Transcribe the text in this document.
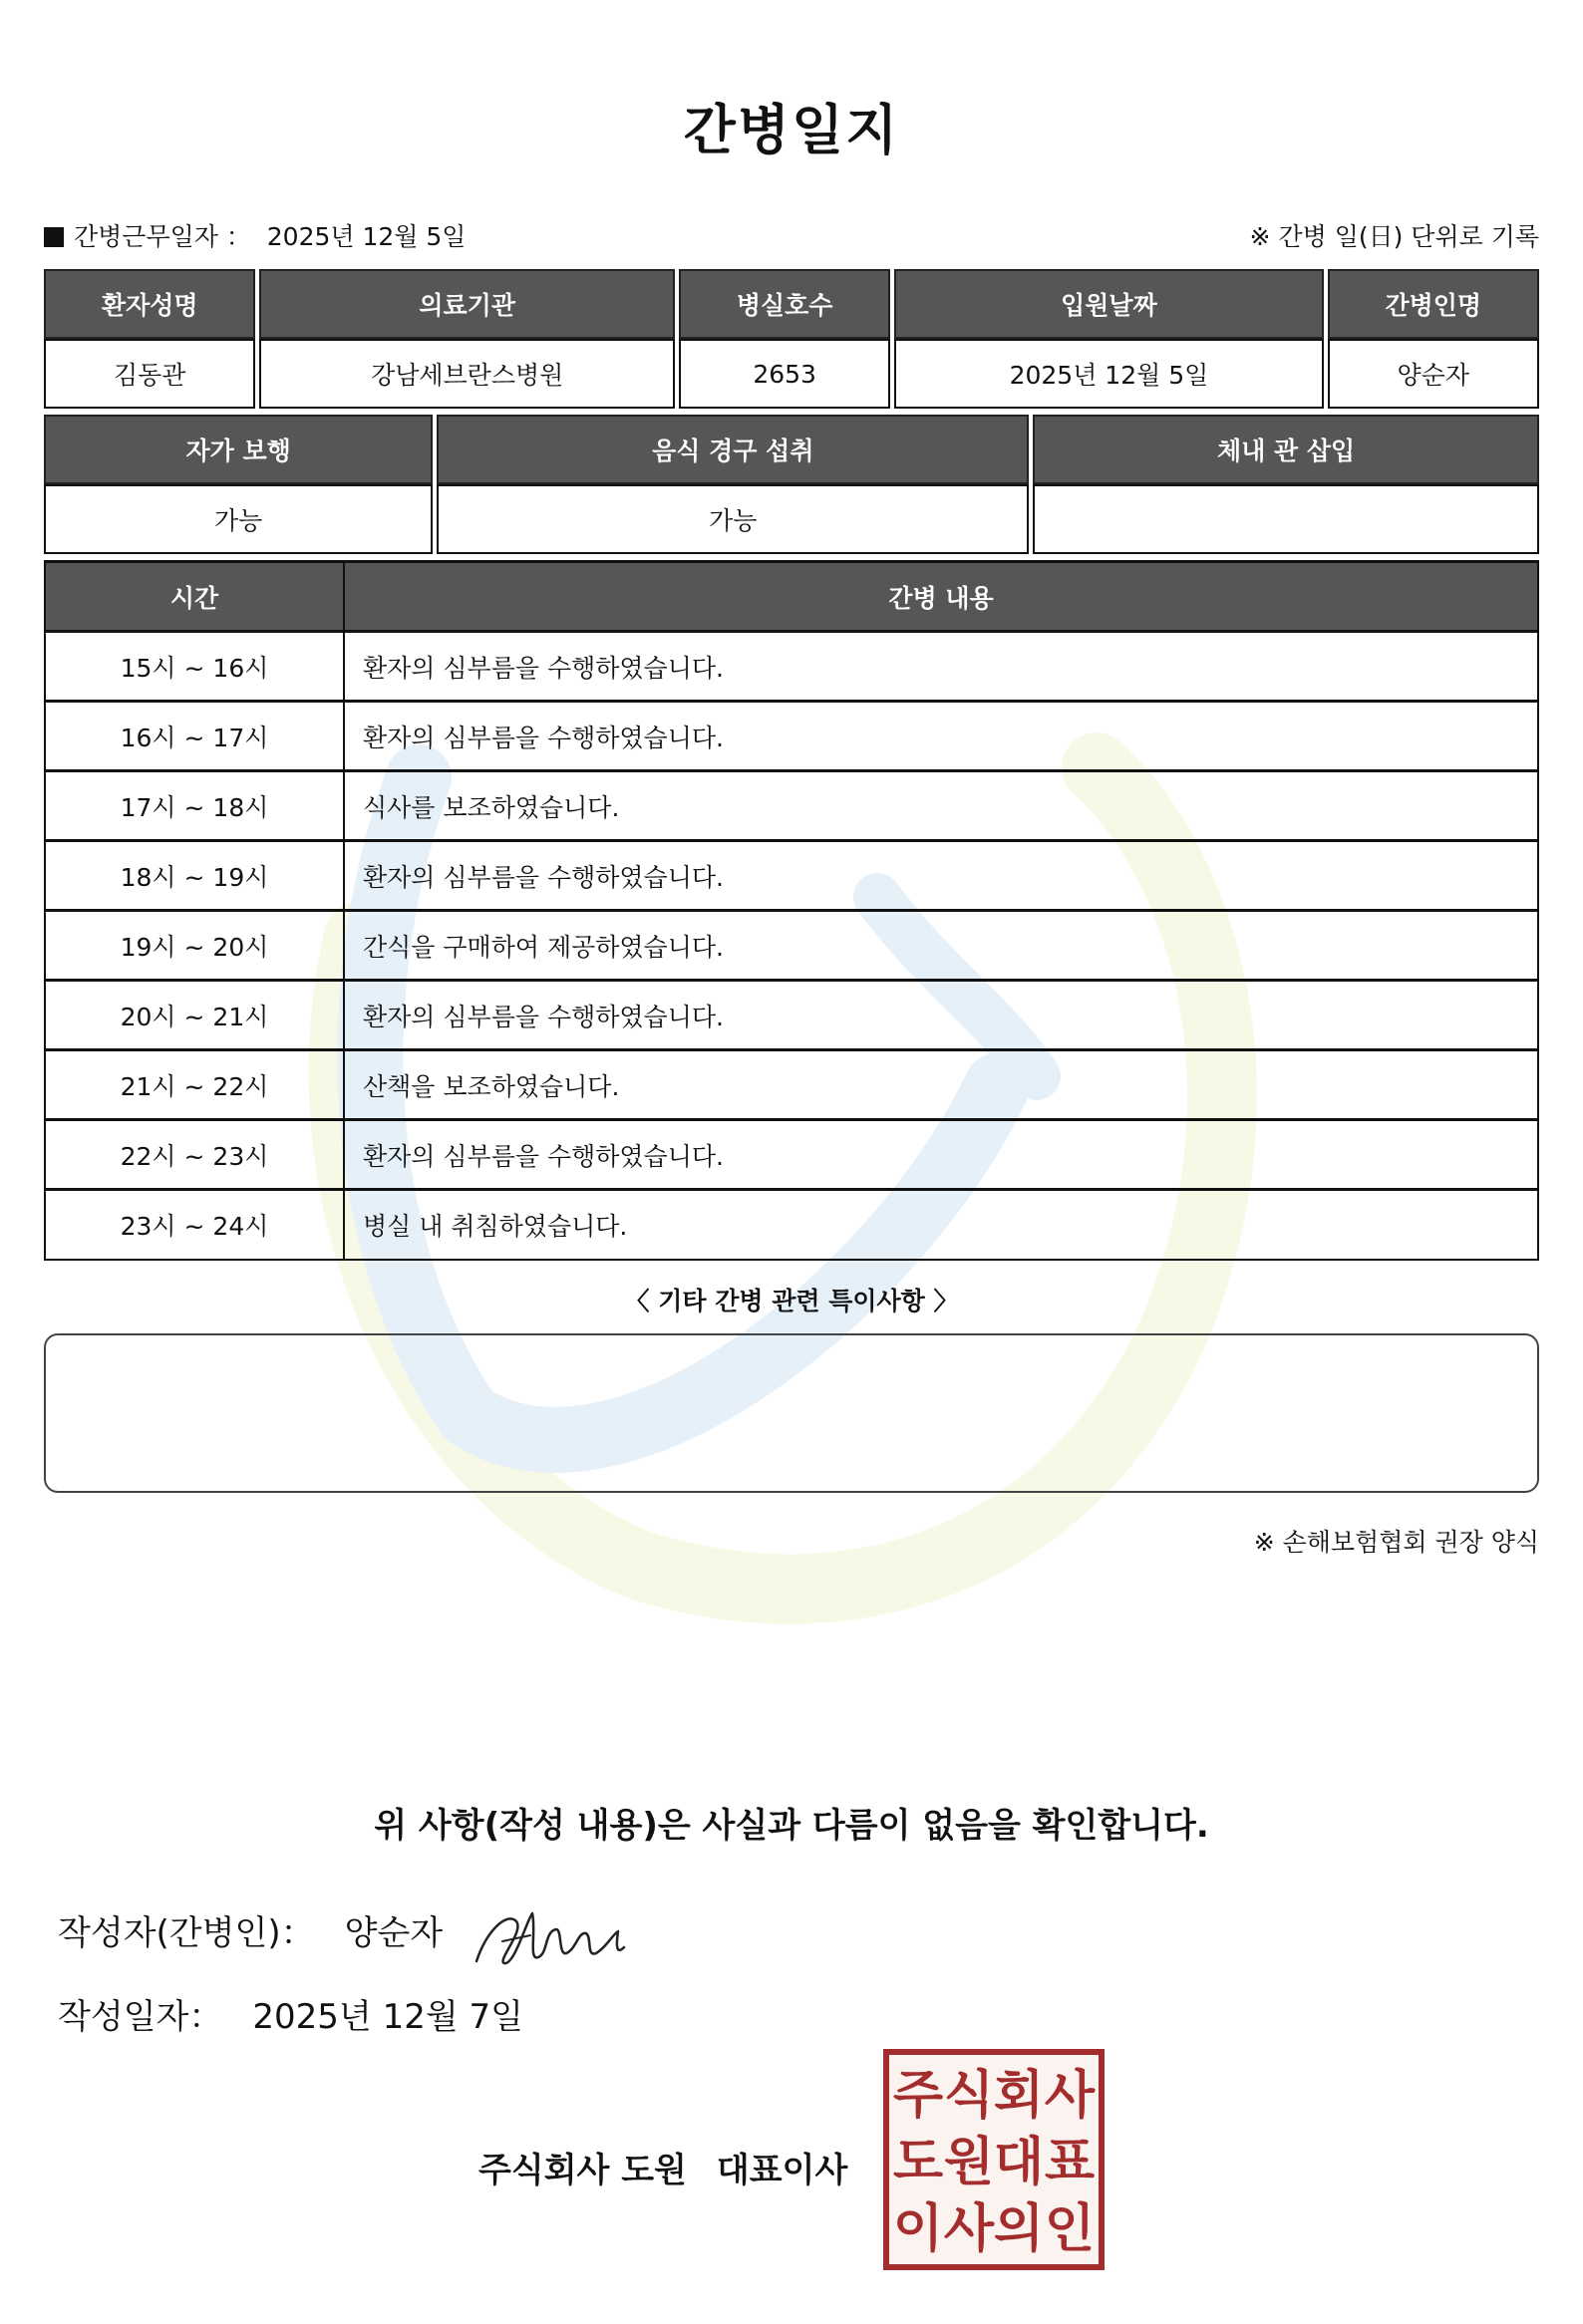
간병일지
간병근무일자 ： 2025년 12월 5일	※ 간병 일(日) 단위로 기록
환자성명	의료기관	병실호수	입원날짜	간병인명
김동관	강남세브란스병원	2653	2025년 12월 5일	양순자
자가 보행	음식 경구 섭취	체내 관 삽입
가능	가능	
시간	간병 내용
15시 ~ 16시	환자의 심부름을 수행하였습니다.
16시 ~ 17시	환자의 심부름을 수행하였습니다.
17시 ~ 18시	식사를 보조하였습니다.
18시 ~ 19시	환자의 심부름을 수행하였습니다.
19시 ~ 20시	간식을 구매하여 제공하였습니다.
20시 ~ 21시	환자의 심부름을 수행하였습니다.
21시 ~ 22시	산책을 보조하였습니다.
22시 ~ 23시	환자의 심부름을 수행하였습니다.
23시 ~ 24시	병실 내 취침하였습니다.
〈 기타 간병 관련 특이사항 〉
※ 손해보험협회 권장 양식
위 사항(작성 내용)은 사실과 다름이 없음을 확인합니다.
작성자(간병인)： 양순자
작성일자： 2025년 12월 7일
주식회사 도원 대표이사
주 식 회 사
도 원 대 표
이 사 의 인
